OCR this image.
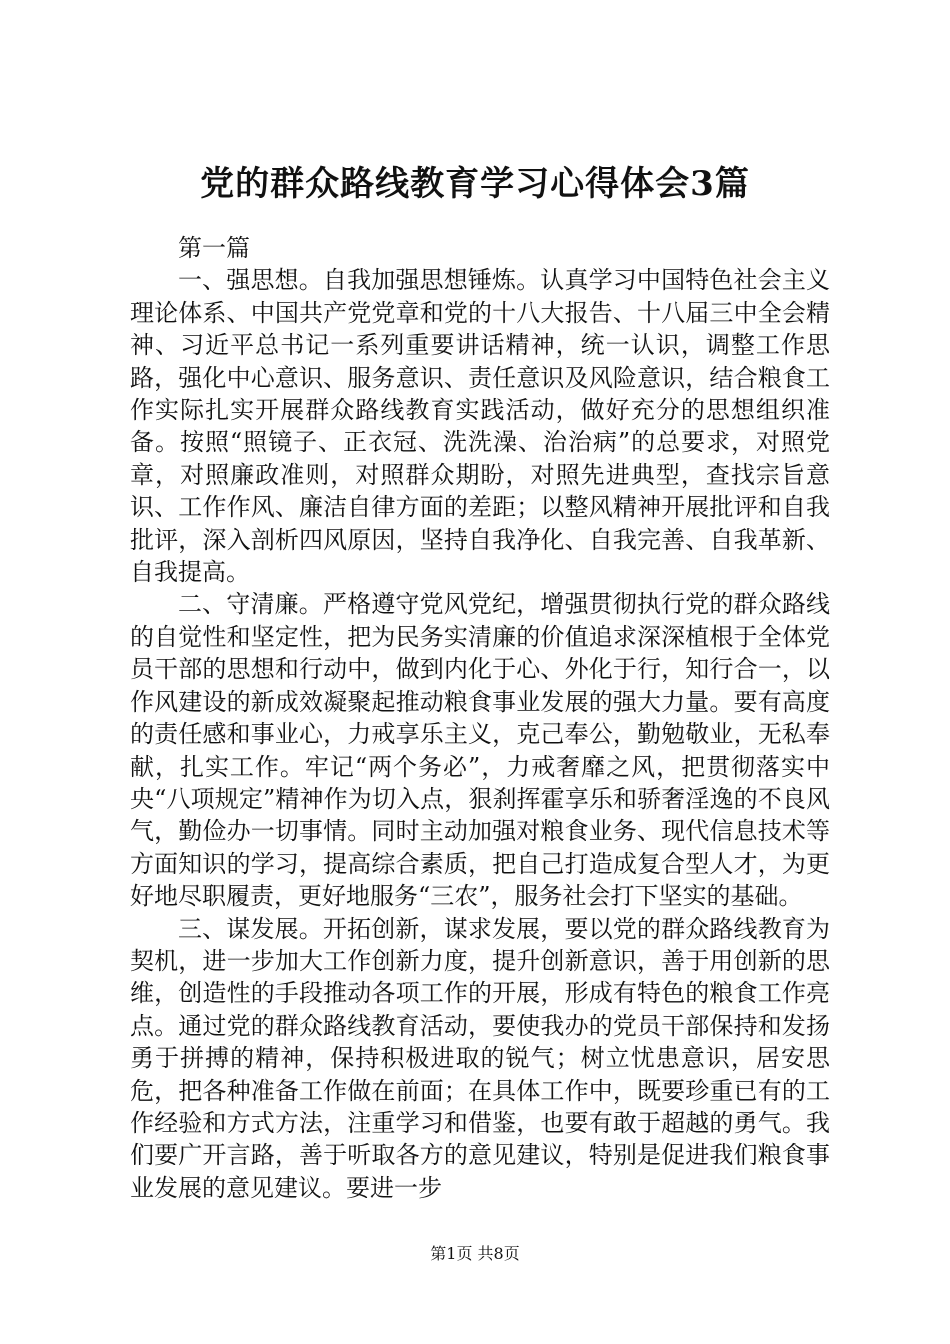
党的群众路线教育学习心得体会3篇

第一篇

一、强思想。自我加强思想锤炼。认真学习中国特色社会主义理论体系、中国共产党党章和党的十八大报告、十八届三中全会精神、习近平总书记一系列重要讲话精神，统一认识，调整工作思路，强化中心意识、服务意识、责任意识及风险意识，结合粮食工作实际扎实开展群众路线教育实践活动，做好充分的思想组织准备。按照“照镜子、正衣冠、洗洗澡、治治病”的总要求，对照党章，对照廉政准则，对照群众期盼，对照先进典型，查找宗旨意识、工作作风、廉洁自律方面的差距；以整风精神开展批评和自我批评，深入剖析四风原因，坚持自我净化、自我完善、自我革新、自我提高。

二、守清廉。严格遵守党风党纪，增强贯彻执行党的群众路线的自觉性和坚定性，把为民务实清廉的价值追求深深植根于全体党员干部的思想和行动中，做到内化于心、外化于行，知行合一，以作风建设的新成效凝聚起推动粮食事业发展的强大力量。要有高度的责任感和事业心，力戒享乐主义，克己奉公，勤勉敬业，无私奉献，扎实工作。牢记“两个务必”，力戒奢靡之风，把贯彻落实中央“八项规定”精神作为切入点，狠刹挥霍享乐和骄奢淫逸的不良风气，勤俭办一切事情。同时主动加强对粮食业务、现代信息技术等方面知识的学习，提高综合素质，把自己打造成复合型人才，为更好地尽职履责，更好地服务“三农”，服务社会打下坚实的基础。

三、谋发展。开拓创新，谋求发展，要以党的群众路线教育为契机，进一步加大工作创新力度，提升创新意识，善于用创新的思维，创造性的手段推动各项工作的开展，形成有特色的粮食工作亮点。通过党的群众路线教育活动，要使我办的党员干部保持和发扬勇于拼搏的精神，保持积极进取的锐气；树立忧患意识，居安思危，把各种准备工作做在前面；在具体工作中，既要珍重已有的工作经验和方式方法，注重学习和借鉴，也要有敢于超越的勇气。我们要广开言路，善于听取各方的意见建议，特别是促进我们粮食事业发展的意见建议。要进一步

第1页 共8页
